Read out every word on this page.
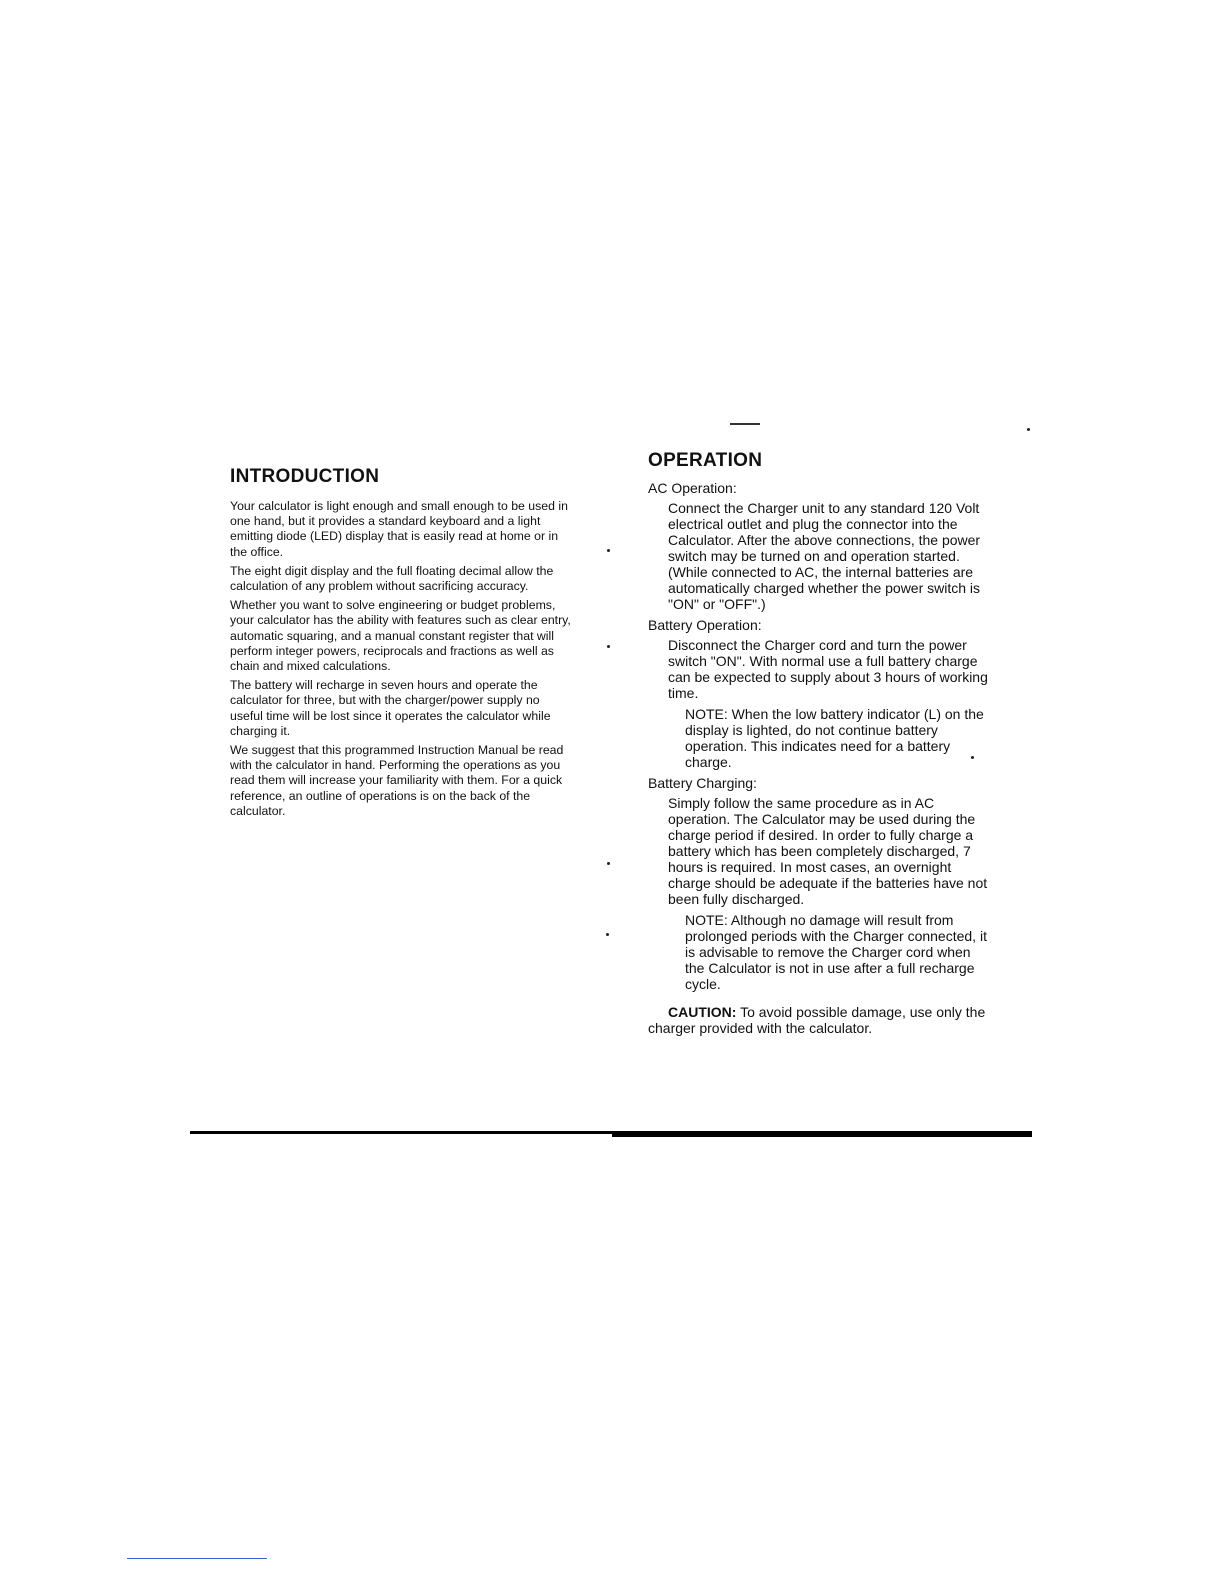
INTRODUCTION

Your calculator is light enough and small enough to be used in one hand, but it provides a standard keyboard and a light emitting diode (LED) display that is easily read at home or in the office.

The eight digit display and the full floating decimal allow the calculation of any problem without sacrificing accuracy.

Whether you want to solve engineering or budget problems, your calculator has the ability with features such as clear entry, automatic squaring, and a manual constant register that will perform integer powers, reciprocals and fractions as well as chain and mixed calculations.

The battery will recharge in seven hours and operate the calculator for three, but with the charger/power supply no useful time will be lost since it operates the calculator while charging it.

We suggest that this programmed Instruction Manual be read with the calculator in hand. Performing the operations as you read them will increase your familiarity with them. For a quick reference, an outline of operations is on the back of the calculator.

OPERATION

AC Operation:

Connect the Charger unit to any standard 120 Volt electrical outlet and plug the connector into the Calculator. After the above connections, the power switch may be turned on and operation started. (While connected to AC, the internal batteries are automatically charged whether the power switch is "ON" or "OFF".)

Battery Operation:

Disconnect the Charger cord and turn the power switch "ON". With normal use a full battery charge can be expected to supply about 3 hours of working time.

NOTE: When the low battery indicator (L) on the display is lighted, do not continue battery operation. This indicates need for a battery charge.

Battery Charging:

Simply follow the same procedure as in AC operation. The Calculator may be used during the charge period if desired. In order to fully charge a battery which has been completely discharged, 7 hours is required. In most cases, an overnight charge should be adequate if the batteries have not been fully discharged.

NOTE: Although no damage will result from prolonged periods with the Charger connected, it is advisable to remove the Charger cord when the Calculator is not in use after a full recharge cycle.

CAUTION: To avoid possible damage, use only the charger provided with the calculator.
